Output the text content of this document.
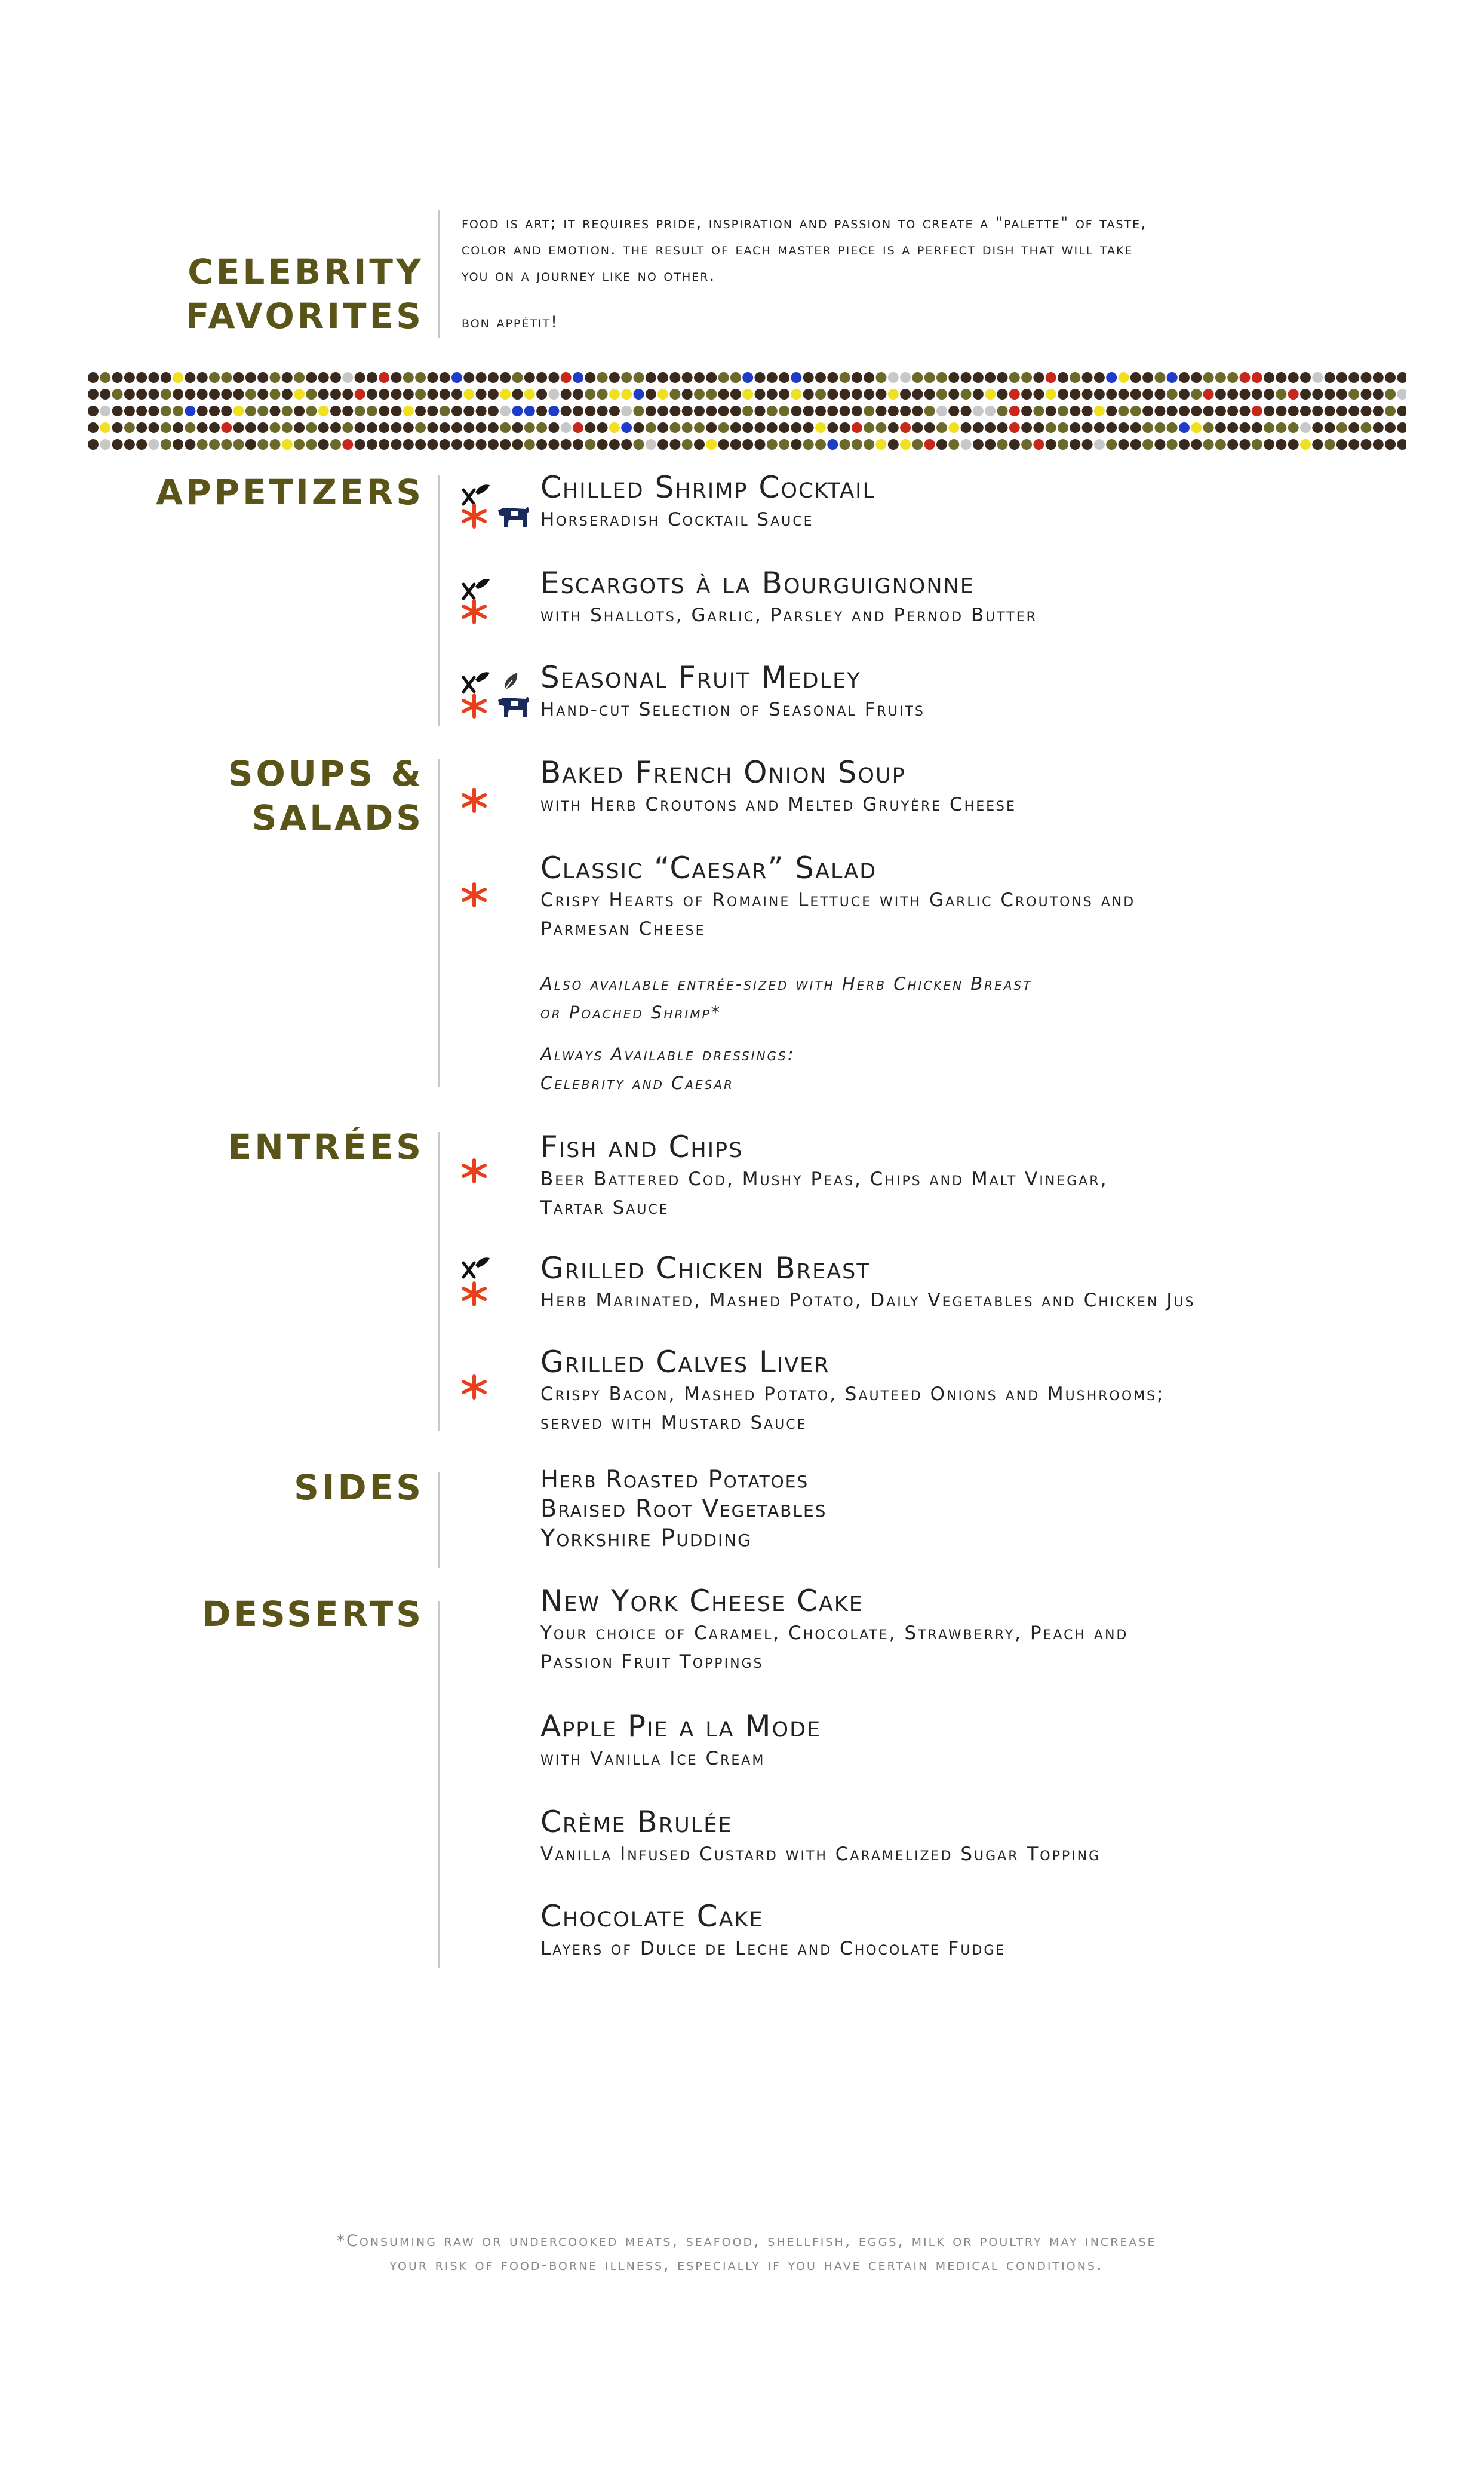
CELEBRITY
FAVORITES
food is art; it requires pride, inspiration and passion to create a "palette" of taste,
color and emotion. the result of each master piece is a perfect dish that will take
you on a journey like no other.
bon appétit!
APPETIZERS	Chilled Shrimp Cocktail
Horseradish Cocktail Sauce
Escargots à la Bourguignonne
with Shallots, Garlic, Parsley and Pernod Butter
Seasonal Fruit Medley
Hand-cut Selection of Seasonal Fruits
SOUPS &
SALADS
Baked French Onion Soup
with Herb Croutons and Melted Gruyère Cheese
Classic “Caesar” Salad
Crispy Hearts of Romaine Lettuce with Garlic Croutons and
Parmesan Cheese
Also available entrée-sized with Herb Chicken Breast
or Poached Shrimp*
Always Available dressings:
Celebrity and Caesar
ENTRÉES	Fish and Chips
Beer Battered Cod, Mushy Peas, Chips and Malt Vinegar,
Tartar Sauce
Grilled Chicken Breast
Herb Marinated, Mashed Potato, Daily Vegetables and Chicken Jus
Grilled Calves Liver
Crispy Bacon, Mashed Potato, Sauteed Onions and Mushrooms;
served with Mustard Sauce
SIDES	Herb Roasted Potatoes
Braised Root Vegetables
Yorkshire Pudding
DESSERTS	New York Cheese Cake
Your choice of Caramel, Chocolate, Strawberry, Peach and
Passion Fruit Toppings
Apple Pie a la Mode
with Vanilla Ice Cream
Crème Brulée
Vanilla Infused Custard with Caramelized Sugar Topping
Chocolate Cake
Layers of Dulce de Leche and Chocolate Fudge
*Consuming raw or undercooked meats, seafood, shellfish, eggs, milk or poultry may increase
your risk of food-borne illness, especially if you have certain medical conditions.
